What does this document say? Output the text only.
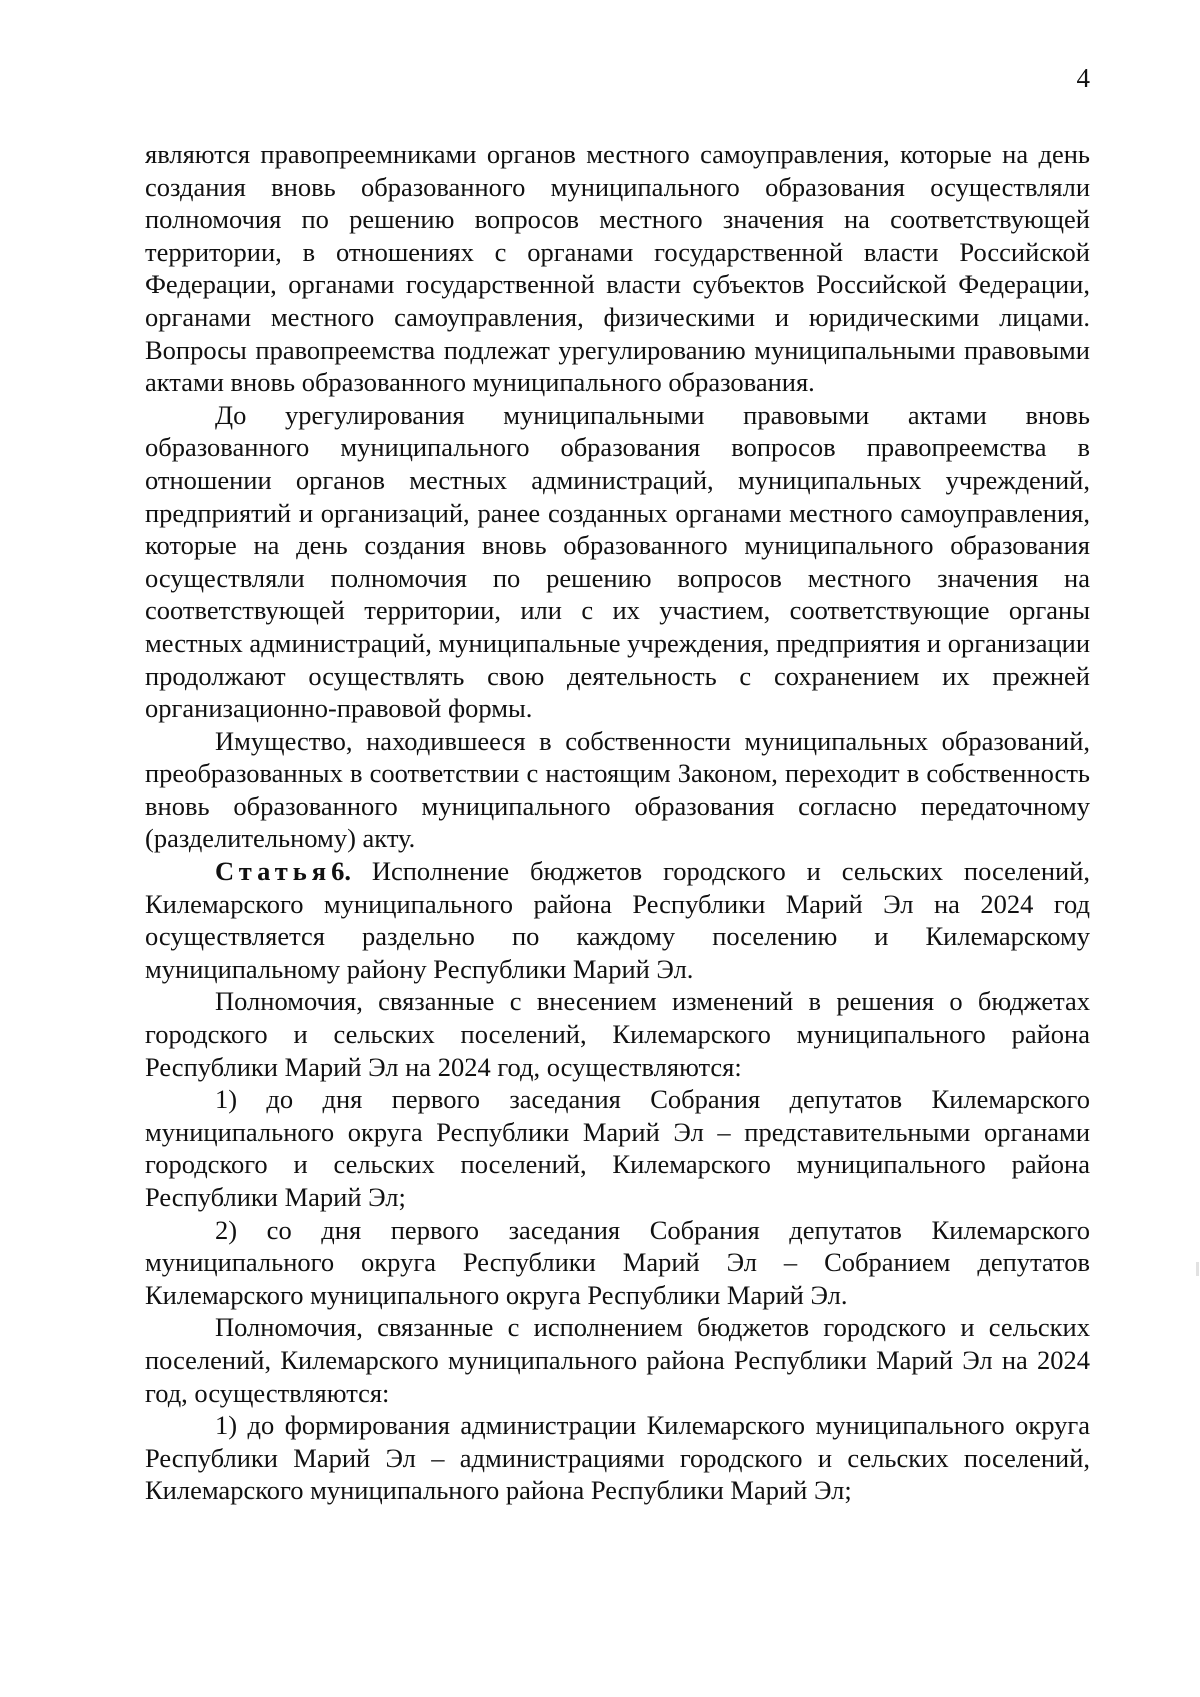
4

являются правопреемниками органов местного самоуправления, которые на день создания вновь образованного муниципального образования осуществляли полномочия по решению вопросов местного значения на соответствующей территории, в отношениях с органами государственной власти Российской Федерации, органами государственной власти субъектов Российской Федерации, органами местного самоуправления, физическими и юридическими лицами. Вопросы правопреемства подлежат урегулированию муниципальными правовыми актами вновь образованного муниципального образования.

До урегулирования муниципальными правовыми актами вновь образованного муниципального образования вопросов правопреемства в отношении органов местных администраций, муниципальных учреждений, предприятий и организаций, ранее созданных органами местного самоуправления, которые на день создания вновь образованного муниципального образования осуществляли полномочия по решению вопросов местного значения на соответствующей территории, или с их участием, соответствующие органы местных администраций, муниципальные учреждения, предприятия и организации продолжают осуществлять свою деятельность с сохранением их прежней организационно-правовой формы.

Имущество, находившееся в собственности муниципальных образований, преобразованных в соответствии с настоящим Законом, переходит в собственность вновь образованного муниципального образования согласно передаточному (разделительному) акту.

Статья6. Исполнение бюджетов городского и сельских поселений, Килемарского муниципального района Республики Марий Эл на 2024 год осуществляется раздельно по каждому поселению и Килемарскому муниципальному району Республики Марий Эл.

Полномочия, связанные с внесением изменений в решения о бюджетах городского и сельских поселений, Килемарского муниципального района Республики Марий Эл на 2024 год, осуществляются:

1) до дня первого заседания Собрания депутатов Килемарского муниципального округа Республики Марий Эл – представительными органами городского и сельских поселений, Килемарского муниципального района Республики Марий Эл;

2) со дня первого заседания Собрания депутатов Килемарского муниципального округа Республики Марий Эл – Собранием депутатов Килемарского муниципального округа Республики Марий Эл.

Полномочия, связанные с исполнением бюджетов городского и сельских поселений, Килемарского муниципального района Республики Марий Эл на 2024 год, осуществляются:

1) до формирования администрации Килемарского муниципального округа Республики Марий Эл – администрациями городского и сельских поселений, Килемарского муниципального района Республики Марий Эл;
